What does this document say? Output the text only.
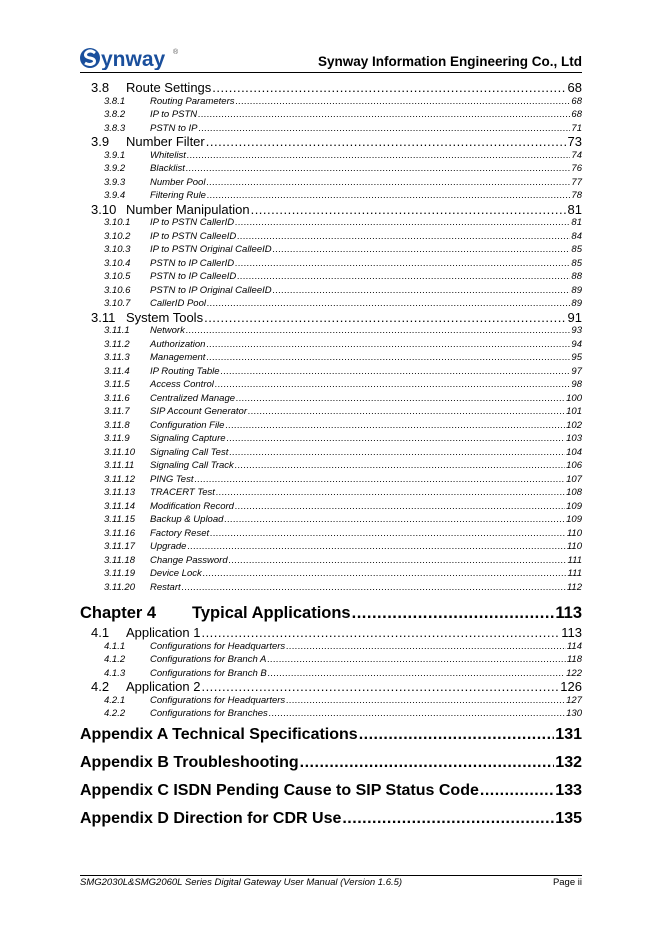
ynway ®
Synway Information Engineering Co., Ltd
3.8	Route Settings .....	68
3.8.1	Routing Parameters .....	68
3.8.2	IP to PSTN .....	68
3.8.3	PSTN to IP .....	71
3.9	Number Filter .....	73
3.9.1	Whitelist .....	74
3.9.2	Blacklist .....	76
3.9.3	Number Pool .....	77
3.9.4	Filtering Rule .....	78
3.10 Number Manipulation .....	81
3.10.1	IP to PSTN CallerID .....	81
3.10.2	IP to PSTN CalleeID .....	84
3.10.3	IP to PSTN Original CalleeID .....	85
3.10.4	PSTN to IP CallerID .....	85
3.10.5	PSTN to IP CalleeID .....	88
3.10.6	PSTN to IP Original CalleeID .....	89
3.10.7	CallerID Pool .....	89
3.11 System Tools .....	91
3.11.1	Network .....	93
3.11.2	Authorization .....	94
3.11.3	Management .....	95
3.11.4	IP Routing Table .....	97
3.11.5	Access Control .....	98
3.11.6	Centralized Manage .....	100
3.11.7	SIP Account Generator .....	101
3.11.8	Configuration File .....	102
3.11.9	Signaling Capture .....	103
3.11.10	Signaling Call Test .....	104
3.11.11	Signaling Call Track .....	106
3.11.12	PING Test .....	107
3.11.13	TRACERT Test .....	108
3.11.14	Modification Record .....	109
3.11.15	Backup & Upload .....	109
3.11.16	Factory Reset .....	110
3.11.17	Upgrade .....	110
3.11.18	Change Password .....	111
3.11.19	Device Lock .....	111
3.11.20	Restart .....	112
Chapter 4	Typical Applications .....	113
4.1	Application 1 .....	113
4.1.1	Configurations for Headquarters .....	114
4.1.2	Configurations for Branch A .....	118
4.1.3	Configurations for Branch B .....	122
4.2	Application 2 .....	126
4.2.1	Configurations for Headquarters .....	127
4.2.2	Configurations for Branches .....	130
Appendix A Technical Specifications .....	131
Appendix B Troubleshooting .....	132
Appendix C ISDN Pending Cause to SIP Status Code .....	133
Appendix D Direction for CDR Use .....	135
SMG2030L&SMG2060L Series Digital Gateway User Manual (Version 1.6.5)	Page ii
